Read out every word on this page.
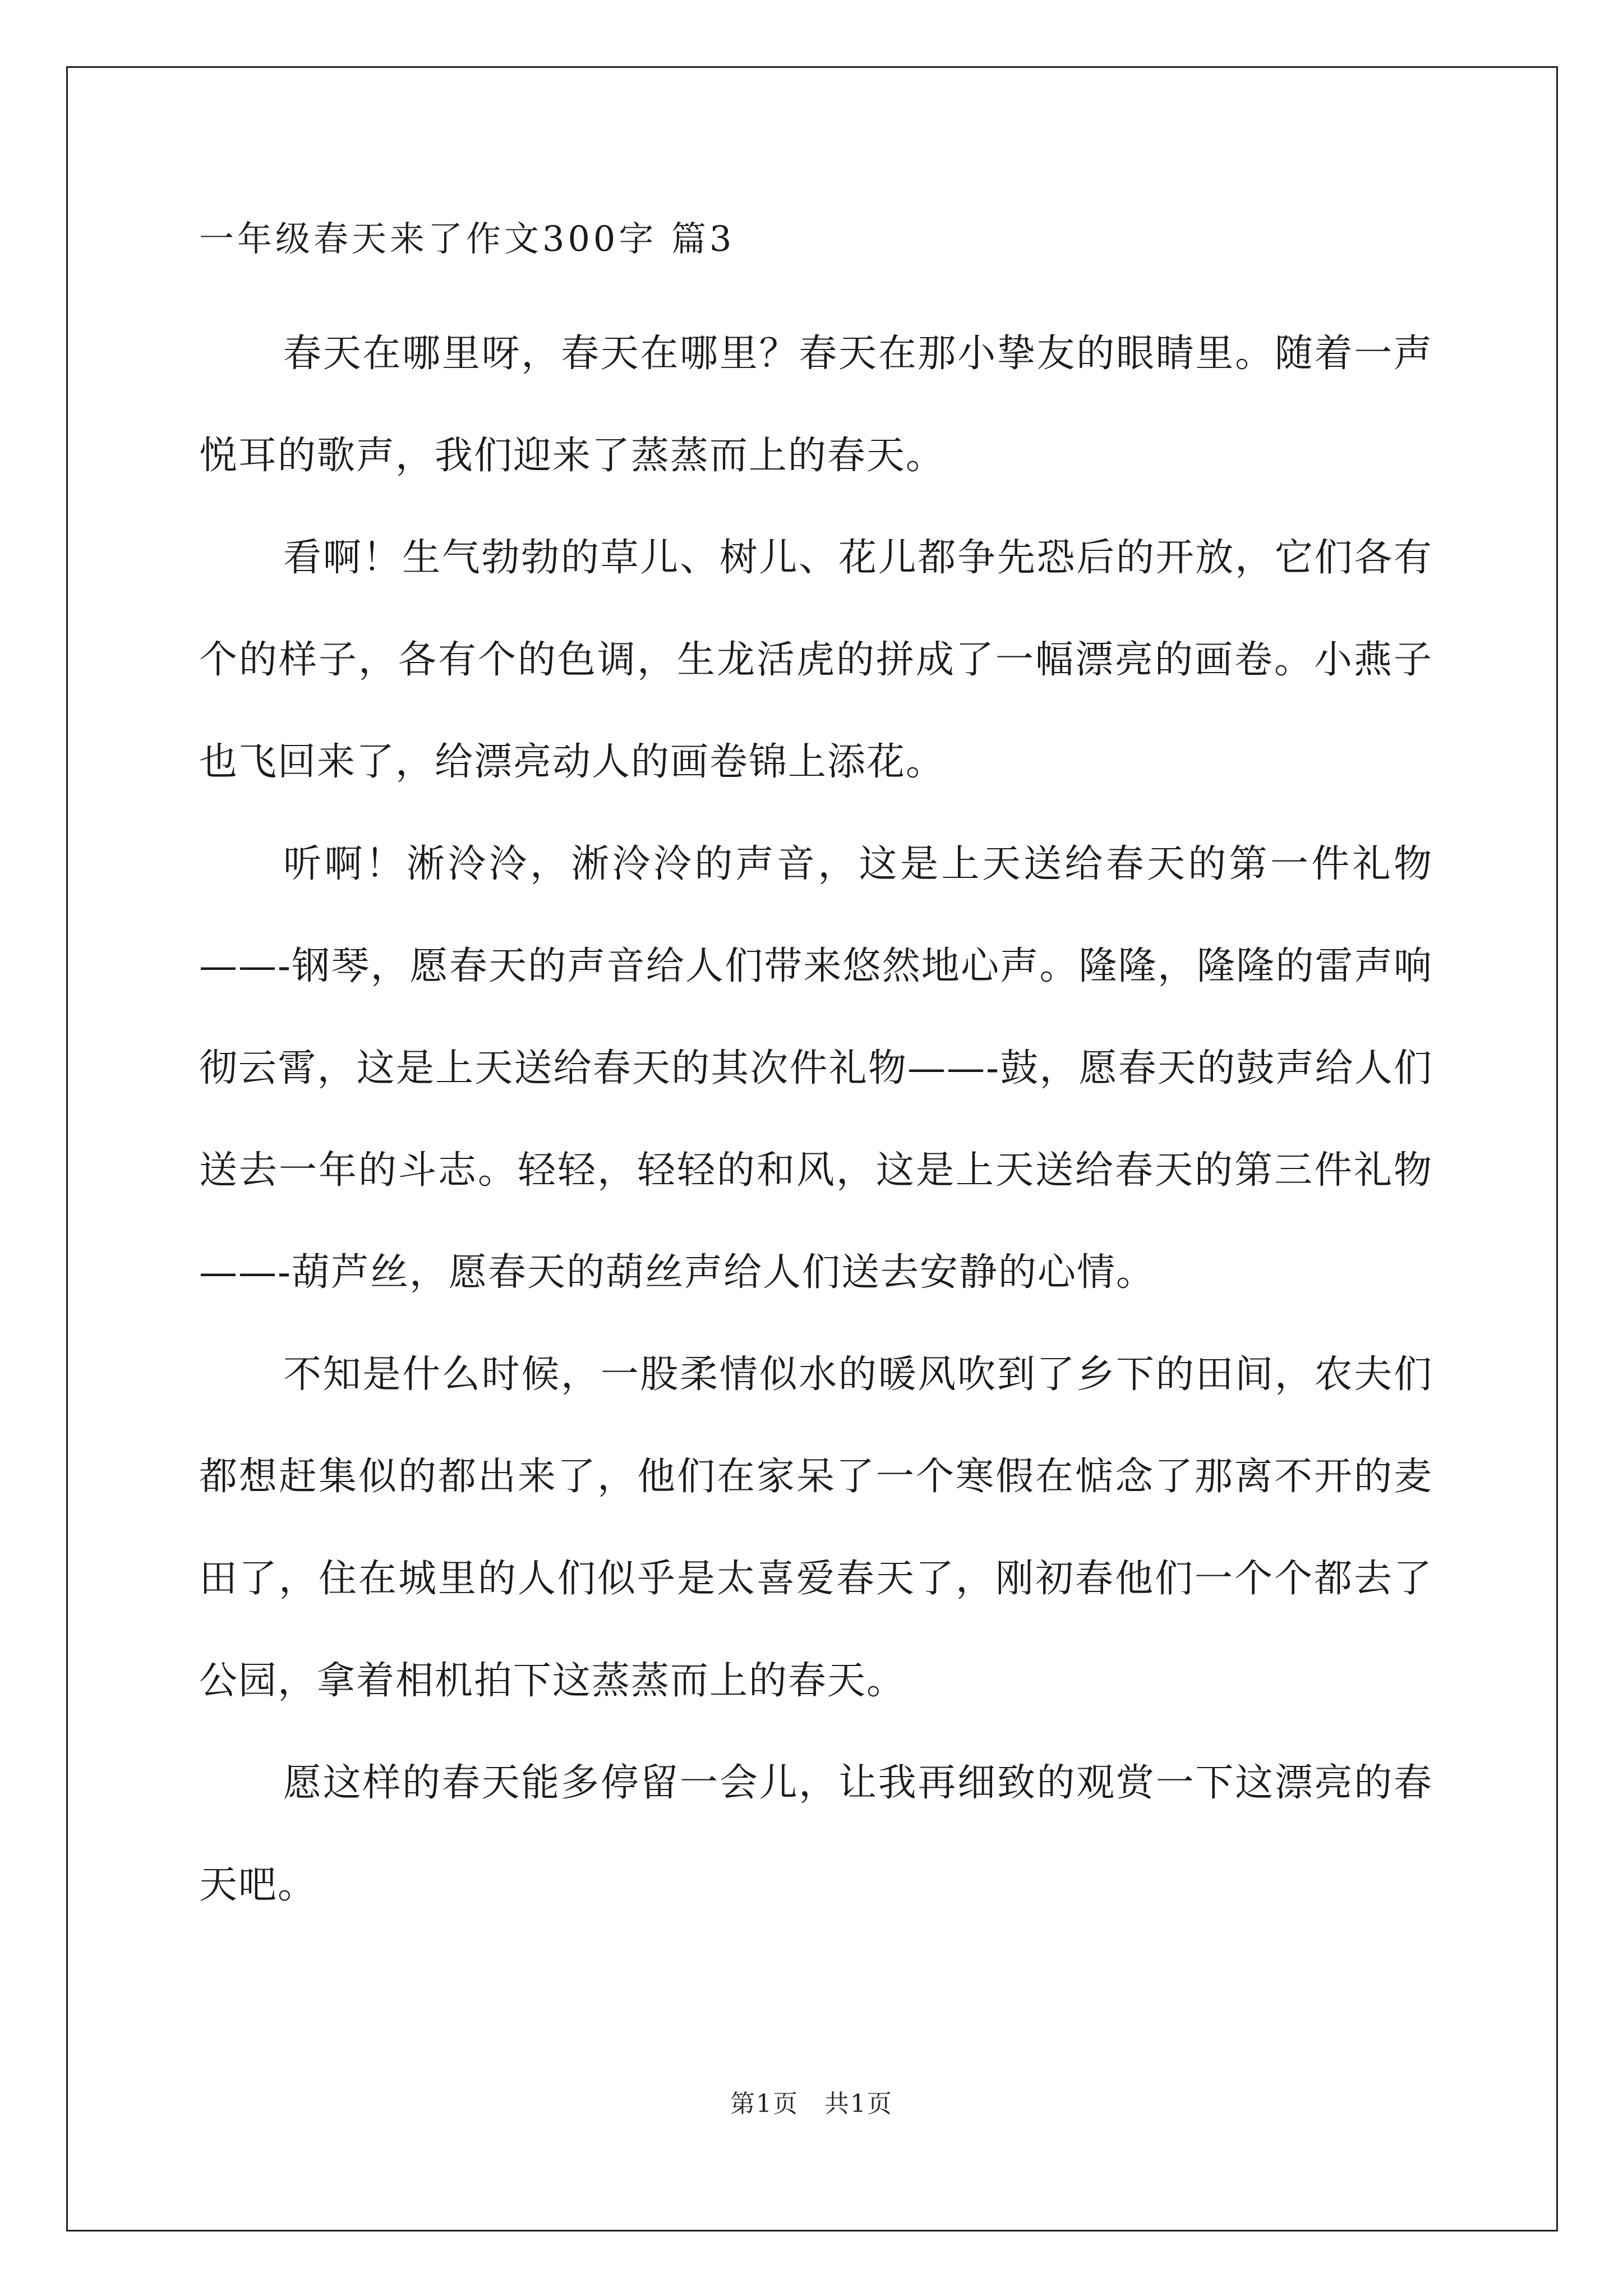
一年级春天来了作文300字 篇3

春天在哪里呀，春天在哪里？春天在那小挚友的眼睛里。随着一声悦耳的歌声，我们迎来了蒸蒸而上的春天。

看啊！生气勃勃的草儿、树儿、花儿都争先恐后的开放，它们各有个的样子，各有个的色调，生龙活虎的拼成了一幅漂亮的画卷。小燕子也飞回来了，给漂亮动人的画卷锦上添花。

听啊！淅泠泠，淅泠泠的声音，这是上天送给春天的第一件礼物——-钢琴，愿春天的声音给人们带来悠然地心声。隆隆，隆隆的雷声响彻云霄，这是上天送给春天的其次件礼物——-鼓，愿春天的鼓声给人们送去一年的斗志。轻轻，轻轻的和风，这是上天送给春天的第三件礼物——-葫芦丝，愿春天的葫丝声给人们送去安静的心情。

不知是什么时候，一股柔情似水的暖风吹到了乡下的田间，农夫们都想赶集似的都出来了，他们在家呆了一个寒假在惦念了那离不开的麦田了，住在城里的人们似乎是太喜爱春天了，刚初春他们一个个都去了公园，拿着相机拍下这蒸蒸而上的春天。

愿这样的春天能多停留一会儿，让我再细致的观赏一下这漂亮的春天吧。

第1页　共1页
